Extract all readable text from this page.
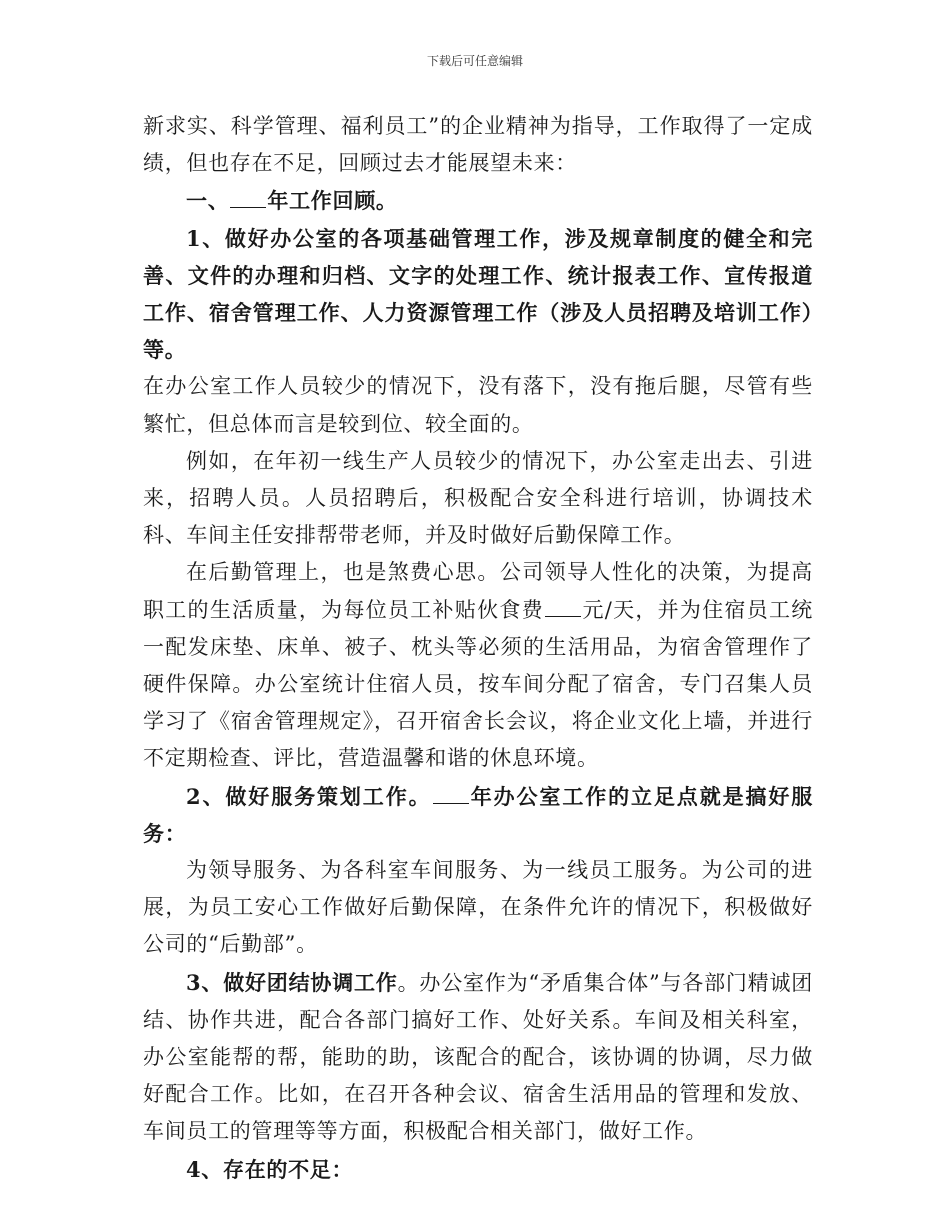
下载后可任意编辑

新求实、科学管理、福利员工”的企业精神为指导，工作取得了一定成绩，但也存在不足，回顾过去才能展望未来：

一、 年工作回顾。

1、做好办公室的各项基础管理工作，涉及规章制度的健全和完善、文件的办理和归档、文字的处理工作、统计报表工作、宣传报道工作、宿舍管理工作、人力资源管理工作（涉及人员招聘及培训工作）等。

在办公室工作人员较少的情况下，没有落下，没有拖后腿，尽管有些繁忙，但总体而言是较到位、较全面的。

例如，在年初一线生产人员较少的情况下，办公室走出去、引进来，招聘人员。人员招聘后，积极配合安全科进行培训，协调技术科、车间主任安排帮带老师，并及时做好后勤保障工作。

在后勤管理上，也是煞费心思。公司领导人性化的决策，为提高职工的生活质量，为每位员工补贴伙食费 元/天，并为住宿员工统一配发床垫、床单、被子、枕头等必须的生活用品，为宿舍管理作了硬件保障。办公室统计住宿人员，按车间分配了宿舍，专门召集人员学习了《宿舍管理规定》，召开宿舍长会议，将企业文化上墙，并进行不定期检查、评比，营造温馨和谐的休息环境。

2、做好服务策划工作。 年办公室工作的立足点就是搞好服务：

为领导服务、为各科室车间服务、为一线员工服务。为公司的进展，为员工安心工作做好后勤保障，在条件允许的情况下，积极做好公司的“后勤部”。

3、做好团结协调工作。办公室作为“矛盾集合体”与各部门精诚团结、协作共进，配合各部门搞好工作、处好关系。车间及相关科室，办公室能帮的帮，能助的助，该配合的配合，该协调的协调，尽力做好配合工作。比如，在召开各种会议、宿舍生活用品的管理和发放、车间员工的管理等等方面，积极配合相关部门，做好工作。

4、存在的不足：
